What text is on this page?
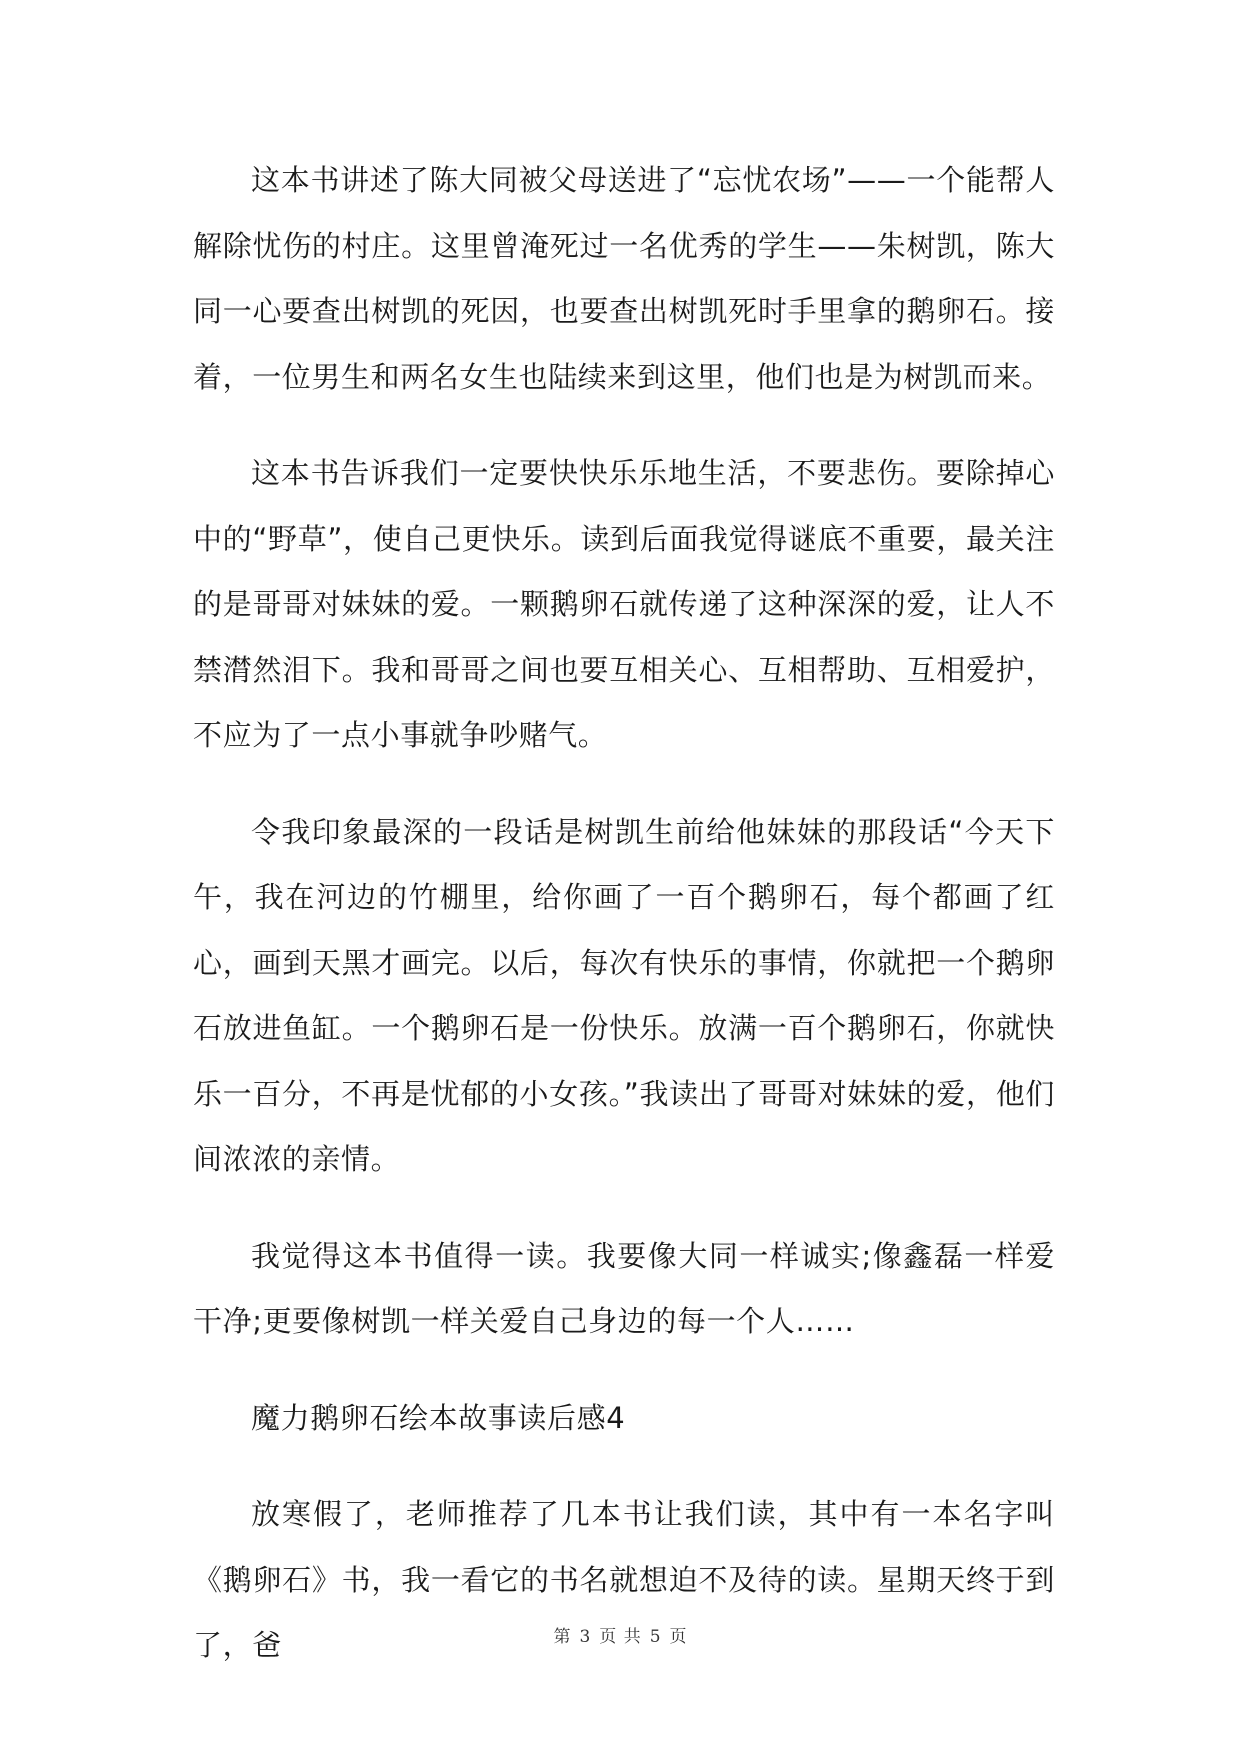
这本书讲述了陈大同被父母送进了“忘忧农场”——一个能帮人解除忧伤的村庄。这里曾淹死过一名优秀的学生——朱树凯，陈大同一心要查出树凯的死因，也要查出树凯死时手里拿的鹅卵石。接着，一位男生和两名女生也陆续来到这里，他们也是为树凯而来。

这本书告诉我们一定要快快乐乐地生活，不要悲伤。要除掉心中的“野草”，使自己更快乐。读到后面我觉得谜底不重要，最关注的是哥哥对妹妹的爱。一颗鹅卵石就传递了这种深深的爱，让人不禁潸然泪下。我和哥哥之间也要互相关心、互相帮助、互相爱护，不应为了一点小事就争吵赌气。

令我印象最深的一段话是树凯生前给他妹妹的那段话“今天下午，我在河边的竹棚里，给你画了一百个鹅卵石，每个都画了红心，画到天黑才画完。以后，每次有快乐的事情，你就把一个鹅卵石放进鱼缸。一个鹅卵石是一份快乐。放满一百个鹅卵石，你就快乐一百分，不再是忧郁的小女孩。”我读出了哥哥对妹妹的爱，他们间浓浓的亲情。

我觉得这本书值得一读。我要像大同一样诚实;像鑫磊一样爱干净;更要像树凯一样关爱自己身边的每一个人……

魔力鹅卵石绘本故事读后感4

放寒假了，老师推荐了几本书让我们读，其中有一本名字叫《鹅卵石》书，我一看它的书名就想迫不及待的读。星期天终于到了，爸	第 3 页 共 5 页
